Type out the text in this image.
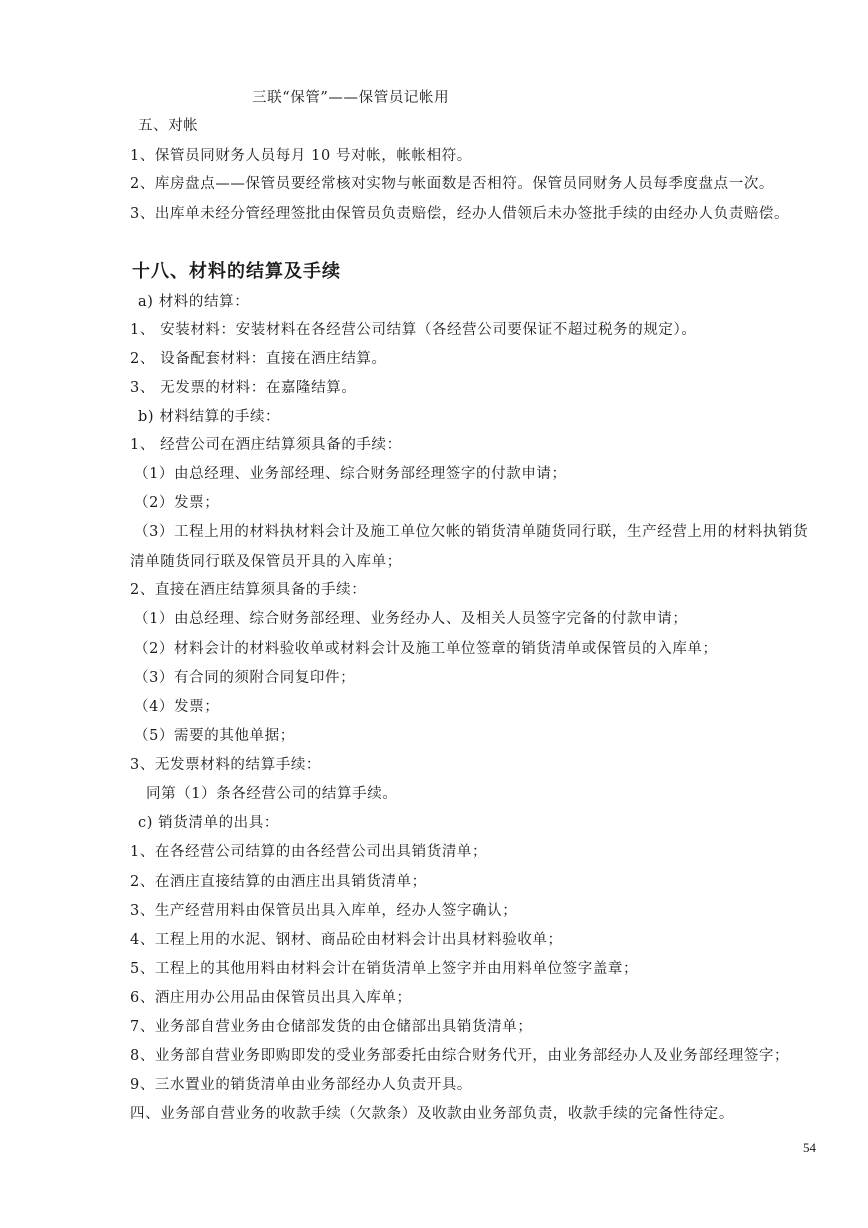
三联“保管”——保管员记帐用
五、对帐
1、保管员同财务人员每月 10 号对帐，帐帐相符。
2、库房盘点——保管员要经常核对实物与帐面数是否相符。保管员同财务人员每季度盘点一次。
3、出库单未经分管经理签批由保管员负责赔偿，经办人借领后未办签批手续的由经办人负责赔偿。
十八、材料的结算及手续
a) 材料的结算：
1、 安装材料：安装材料在各经营公司结算（各经营公司要保证不超过税务的规定）。
2、 设备配套材料：直接在酒庄结算。
3、 无发票的材料：在嘉隆结算。
b) 材料结算的手续：
1、 经营公司在酒庄结算须具备的手续：
（1）由总经理、业务部经理、综合财务部经理签字的付款申请；
（2）发票；
（3）工程上用的材料执材料会计及施工单位欠帐的销货清单随货同行联，生产经营上用的材料执销货
清单随货同行联及保管员开具的入库单；
2、直接在酒庄结算须具备的手续：
（1）由总经理、综合财务部经理、业务经办人、及相关人员签字完备的付款申请；
（2）材料会计的材料验收单或材料会计及施工单位签章的销货清单或保管员的入库单；
（3）有合同的须附合同复印件；
（4）发票；
（5）需要的其他单据；
3、无发票材料的结算手续：
同第（1）条各经营公司的结算手续。
c) 销货清单的出具：
1、在各经营公司结算的由各经营公司出具销货清单；
2、在酒庄直接结算的由酒庄出具销货清单；
3、生产经营用料由保管员出具入库单，经办人签字确认；
4、工程上用的水泥、钢材、商品砼由材料会计出具材料验收单；
5、工程上的其他用料由材料会计在销货清单上签字并由用料单位签字盖章；
6、酒庄用办公用品由保管员出具入库单；
7、业务部自营业务由仓储部发货的由仓储部出具销货清单；
8、业务部自营业务即购即发的受业务部委托由综合财务代开，由业务部经办人及业务部经理签字；
9、三水置业的销货清单由业务部经办人负责开具。
四、业务部自营业务的收款手续（欠款条）及收款由业务部负责，收款手续的完备性待定。
54
